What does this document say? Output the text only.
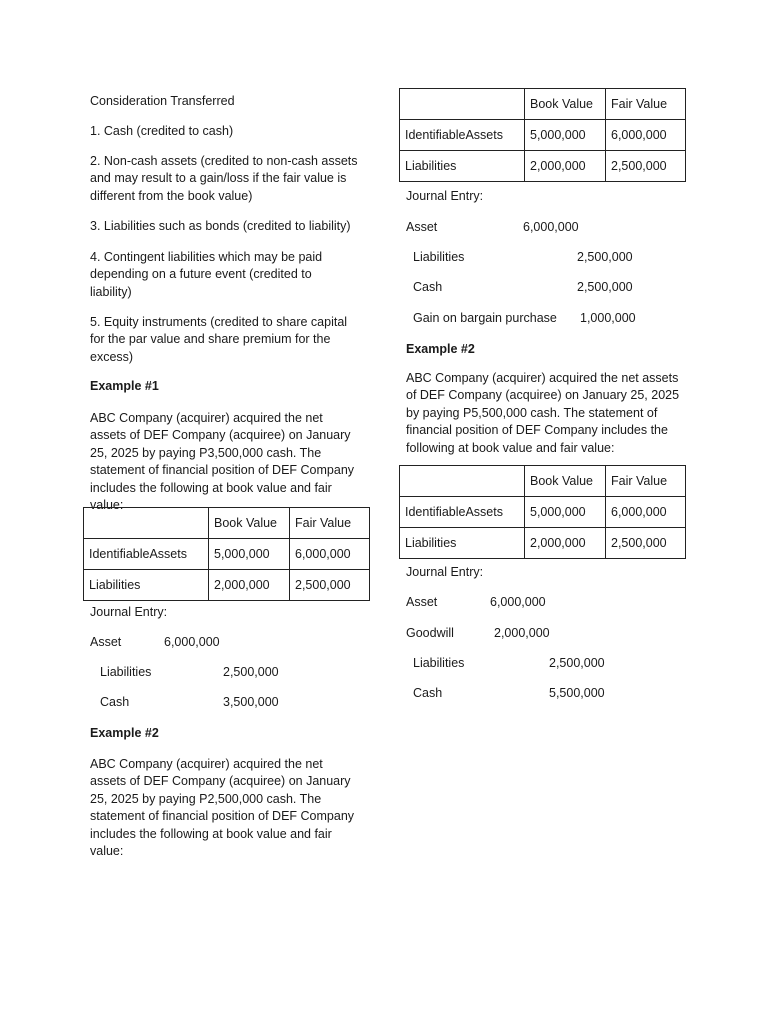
Consideration Transferred
1. Cash (credited to cash)
2. Non-cash assets (credited to non-cash assets and may result to a gain/loss if the fair value is different from the book value)
3. Liabilities such as bonds (credited to liability)
4. Contingent liabilities which may be paid depending on a future event (credited to liability)
5. Equity instruments (credited to share capital for the par value and share premium for the excess)
Example #1
ABC Company (acquirer) acquired the net assets of DEF Company (acquiree) on January 25, 2025 by paying P3,500,000 cash. The statement of financial position of DEF Company includes the following at book value and fair value:
	Book Value	Fair Value
IdentifiableAssets	5,000,000	6,000,000
Liabilities	2,000,000	2,500,000
Journal Entry:
Asset	6,000,000
Liabilities	2,500,000
Cash	3,500,000
Example #2
ABC Company (acquirer) acquired the net assets of DEF Company (acquiree) on January 25, 2025 by paying P2,500,000 cash. The statement of financial position of DEF Company includes the following at book value and fair value:
	Book Value	Fair Value
IdentifiableAssets	5,000,000	6,000,000
Liabilities	2,000,000	2,500,000
Journal Entry:
Asset	6,000,000
Liabilities	2,500,000
Cash	2,500,000
Gain on bargain purchase 1,000,000
Example #2
ABC Company (acquirer) acquired the net assets of DEF Company (acquiree) on January 25, 2025 by paying P5,500,000 cash. The statement of financial position of DEF Company includes the following at book value and fair value:
	Book Value	Fair Value
IdentifiableAssets	5,000,000	6,000,000
Liabilities	2,000,000	2,500,000
Journal Entry:
Asset	6,000,000
Goodwill	2,000,000
Liabilities	2,500,000
Cash	5,500,000
